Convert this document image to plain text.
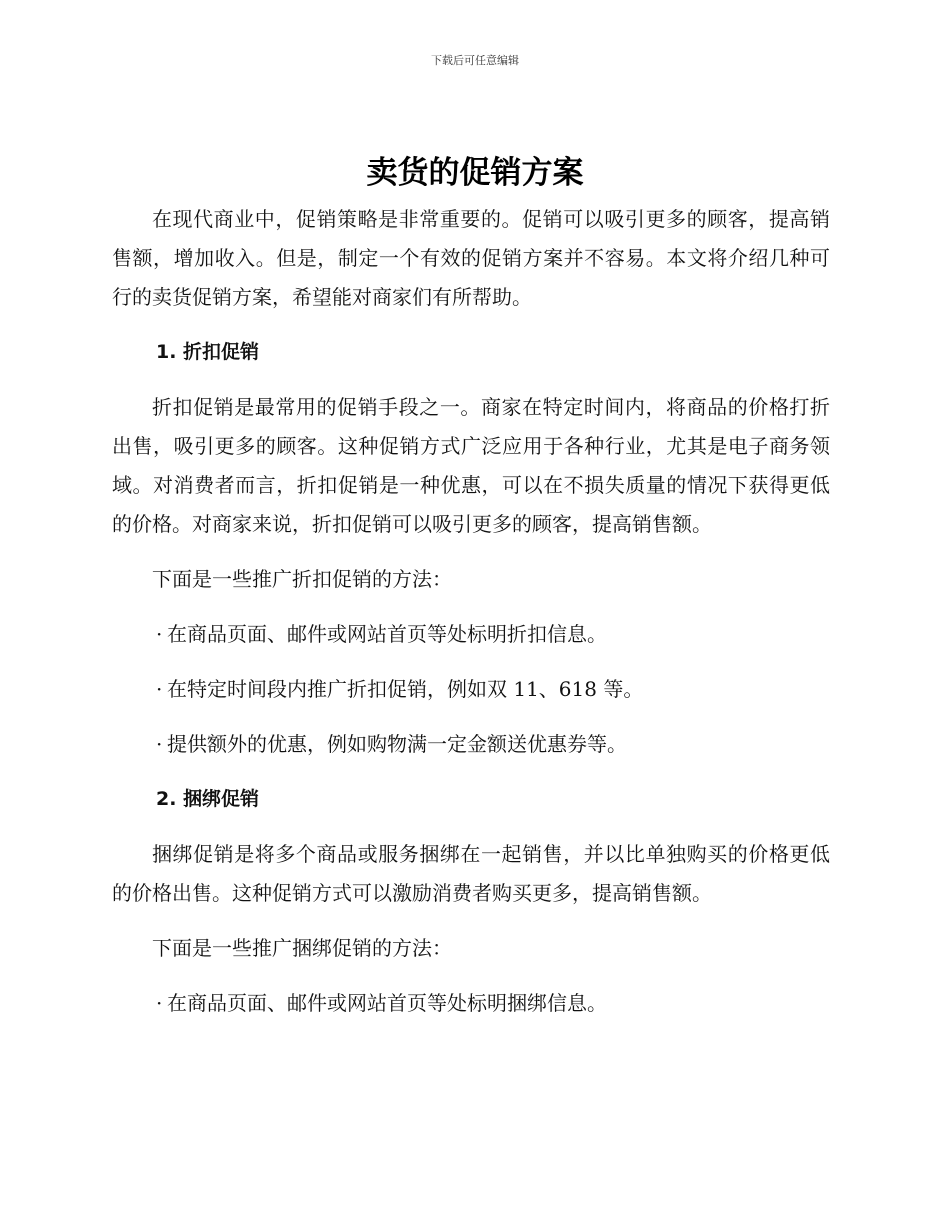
下载后可任意编辑
卖货的促销方案

在现代商业中，促销策略是非常重要的。促销可以吸引更多的顾客，提高销售额，增加收入。但是，制定一个有效的促销方案并不容易。本文将介绍几种可行的卖货促销方案，希望能对商家们有所帮助。

1. 折扣促销

折扣促销是最常用的促销手段之一。商家在特定时间内，将商品的价格打折出售，吸引更多的顾客。这种促销方式广泛应用于各种行业，尤其是电子商务领域。对消费者而言，折扣促销是一种优惠，可以在不损失质量的情况下获得更低的价格。对商家来说，折扣促销可以吸引更多的顾客，提高销售额。

下面是一些推广折扣促销的方法：

· 在商品页面、邮件或网站首页等处标明折扣信息。
· 在特定时间段内推广折扣促销，例如双 11、618 等。
· 提供额外的优惠，例如购物满一定金额送优惠券等。
2. 捆绑促销

捆绑促销是将多个商品或服务捆绑在一起销售，并以比单独购买的价格更低的价格出售。这种促销方式可以激励消费者购买更多，提高销售额。

下面是一些推广捆绑促销的方法：

· 在商品页面、邮件或网站首页等处标明捆绑信息。
